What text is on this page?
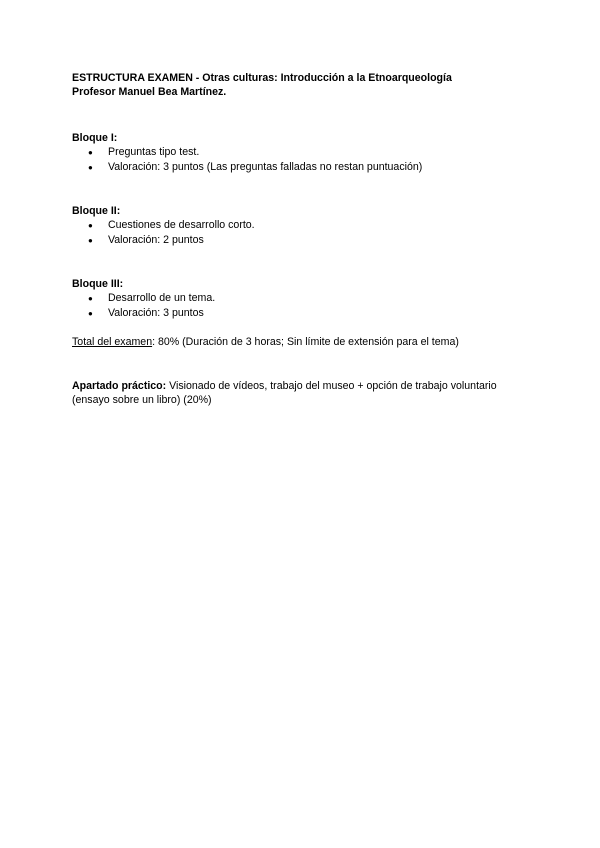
ESTRUCTURA EXAMEN - Otras culturas: Introducción a la Etnoarqueología
Profesor Manuel Bea Martínez.
Bloque I:
●	Preguntas tipo test.
●	Valoración: 3 puntos (Las preguntas falladas no restan puntuación)
Bloque II:
●	Cuestiones de desarrollo corto.
●	Valoración: 2 puntos
Bloque III:
●	Desarrollo de un tema.
●	Valoración: 3 puntos
Total del examen: 80% (Duración de 3 horas; Sin límite de extensión para el tema)
Apartado práctico: Visionado de vídeos, trabajo del museo + opción de trabajo voluntario (ensayo sobre un libro) (20%)
